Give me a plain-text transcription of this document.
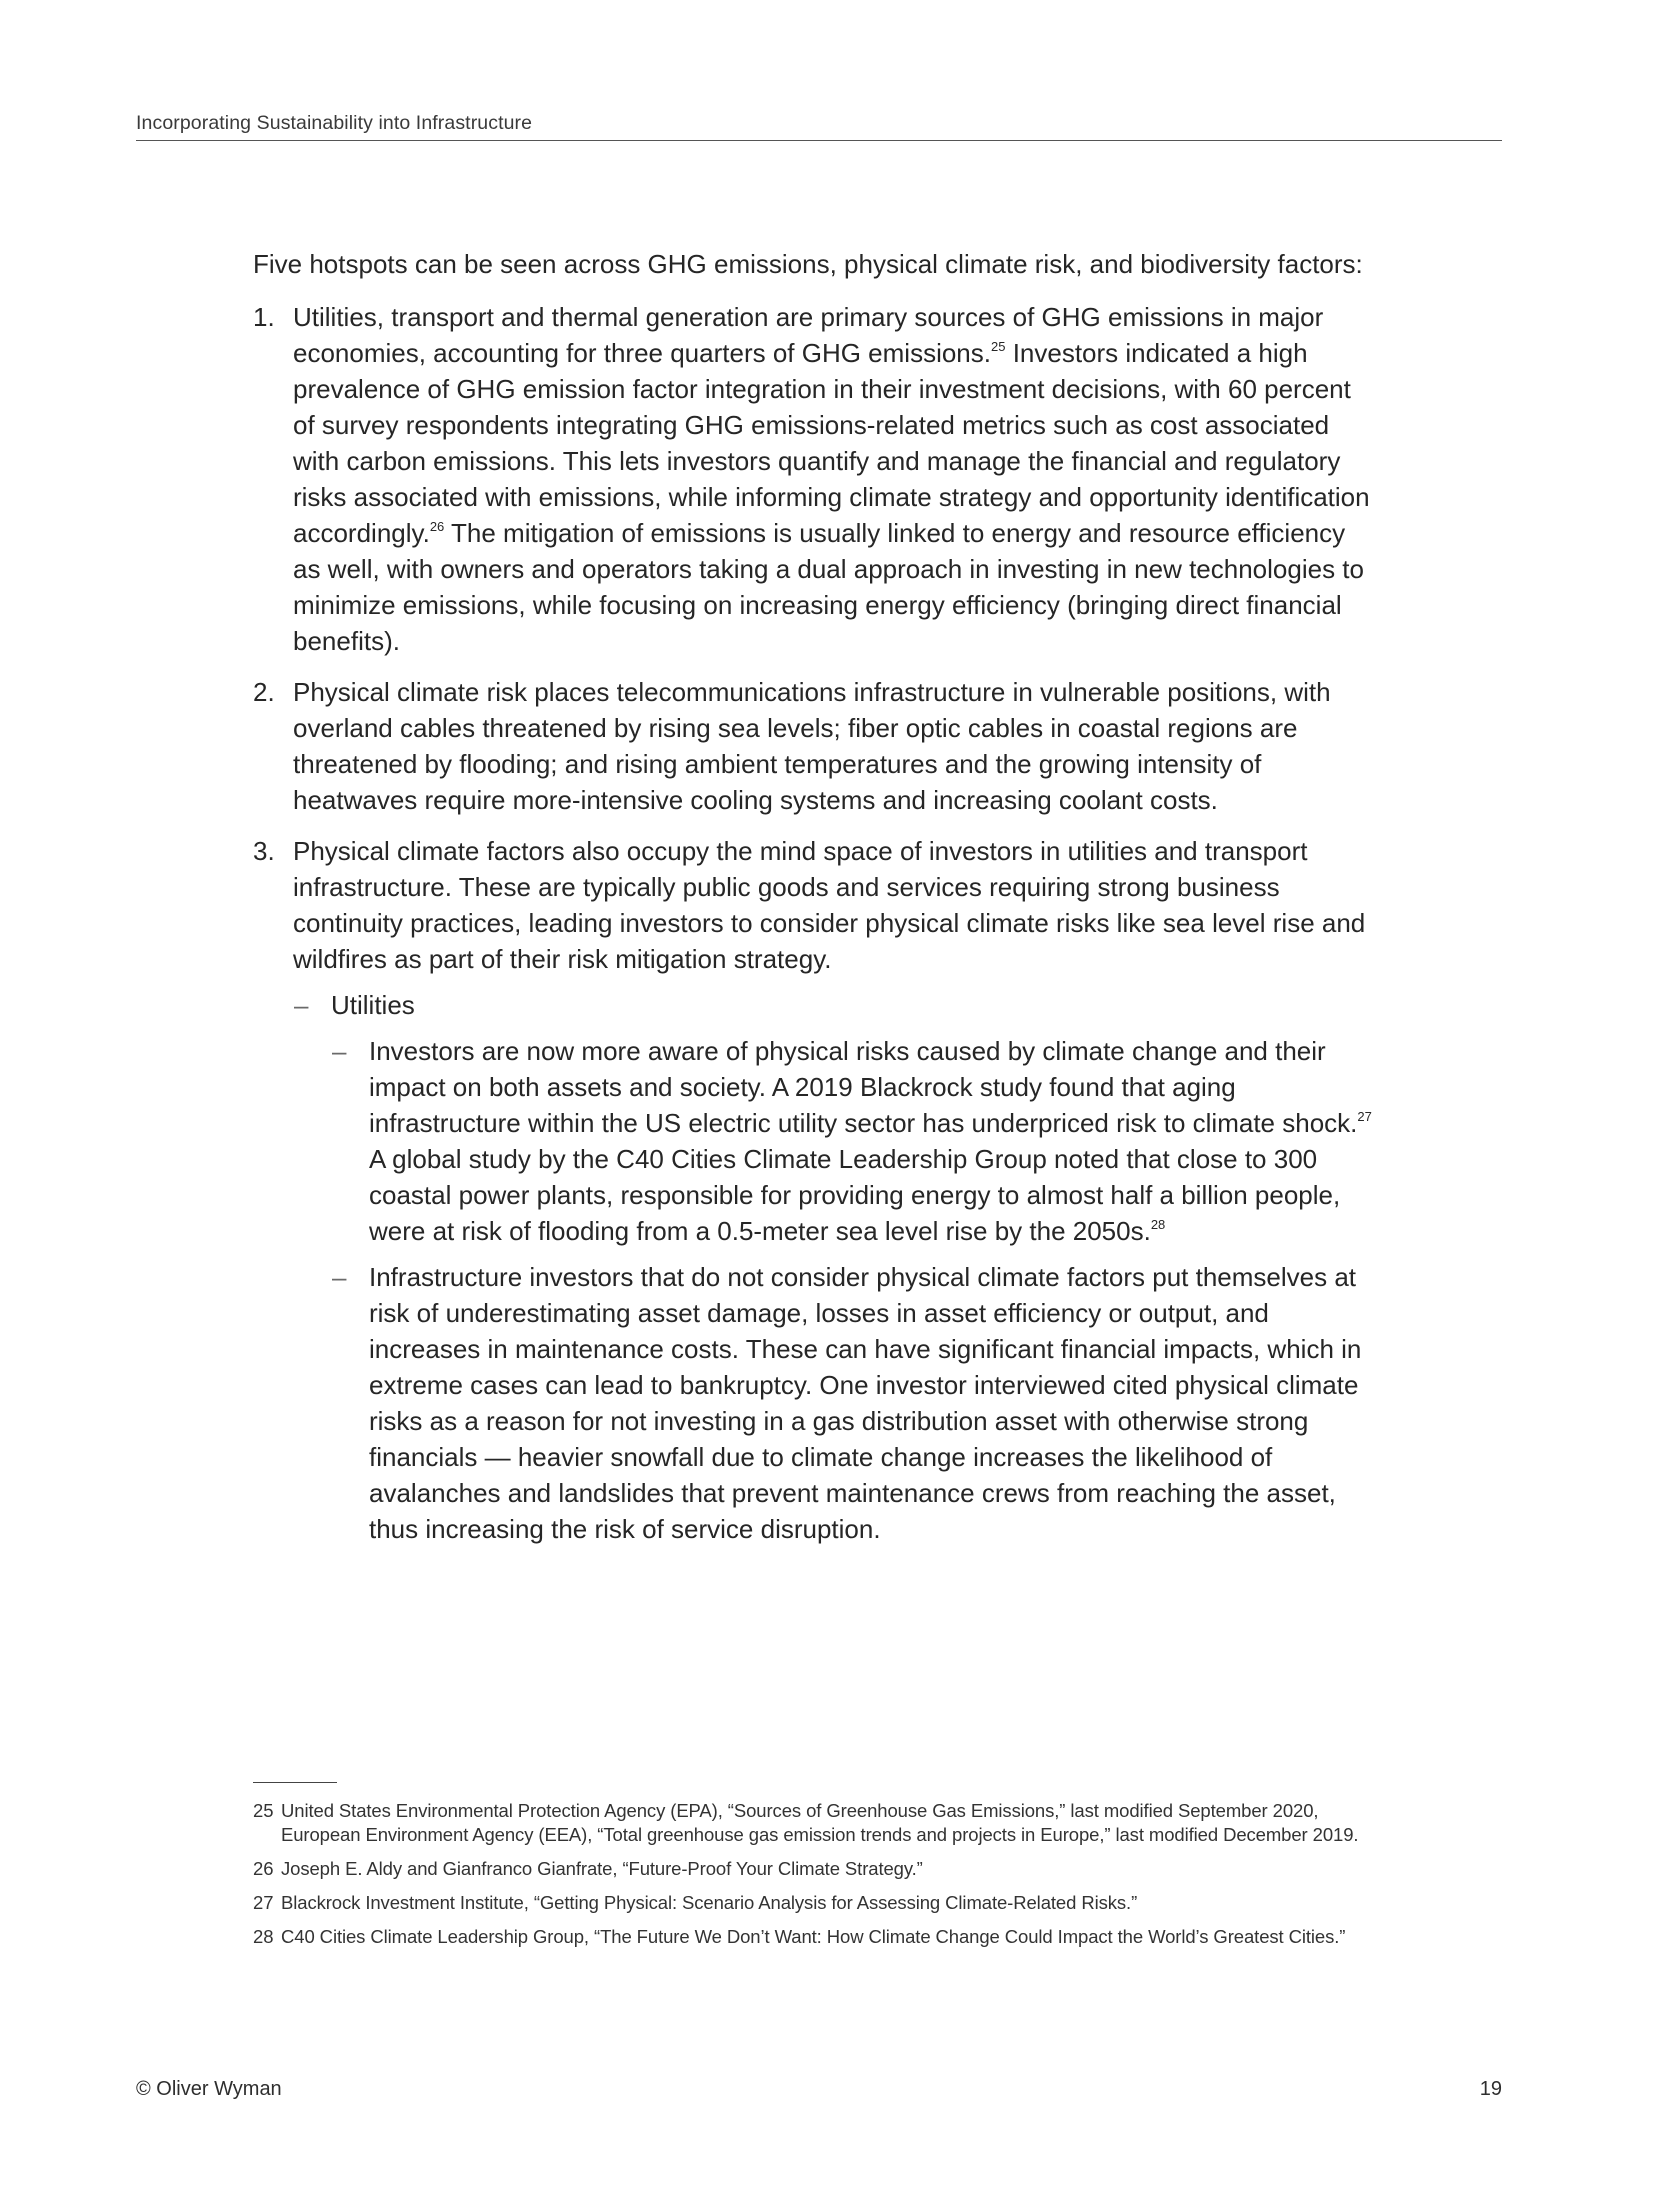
Incorporating Sustainability into Infrastructure

Five hotspots can be seen across GHG emissions, physical climate risk, and biodiversity factors:

1. Utilities, transport and thermal generation are primary sources of GHG emissions in major economies, accounting for three quarters of GHG emissions.$^{25}$ Investors indicated a high prevalence of GHG emission factor integration in their investment decisions, with 60 percent of survey respondents integrating GHG emissions-related metrics such as cost associated with carbon emissions. This lets investors quantify and manage the financial and regulatory risks associated with emissions, while informing climate strategy and opportunity identification accordingly.$^{26}$ The mitigation of emissions is usually linked to energy and resource efficiency as well, with owners and operators taking a dual approach in investing in new technologies to minimize emissions, while focusing on increasing energy efficiency (bringing direct financial benefits).
2. Physical climate risk places telecommunications infrastructure in vulnerable positions, with overland cables threatened by rising sea levels; fiber optic cables in coastal regions are threatened by flooding; and rising ambient temperatures and the growing intensity of heatwaves require more-intensive cooling systems and increasing coolant costs.
3. Physical climate factors also occupy the mind space of investors in utilities and transport infrastructure. These are typically public goods and services requiring strong business continuity practices, leading investors to consider physical climate risks like sea level rise and wildfires as part of their risk mitigation strategy.
– Utilities
– Investors are now more aware of physical risks caused by climate change and their impact on both assets and society. A 2019 Blackrock study found that aging infrastructure within the US electric utility sector has underpriced risk to climate shock.$^{27}$ A global study by the C40 Cities Climate Leadership Group noted that close to 300 coastal power plants, responsible for providing energy to almost half a billion people, were at risk of flooding from a 0.5-meter sea level rise by the 2050s.$^{28}$
– Infrastructure investors that do not consider physical climate factors put themselves at risk of underestimating asset damage, losses in asset efficiency or output, and increases in maintenance costs. These can have significant financial impacts, which in extreme cases can lead to bankruptcy. One investor interviewed cited physical climate risks as a reason for not investing in a gas distribution asset with otherwise strong financials — heavier snowfall due to climate change increases the likelihood of avalanches and landslides that prevent maintenance crews from reaching the asset, thus increasing the risk of service disruption.
25 United States Environmental Protection Agency (EPA), “Sources of Greenhouse Gas Emissions,” last modified September 2020, European Environment Agency (EEA), “Total greenhouse gas emission trends and projects in Europe,” last modified December 2019.
26 Joseph E. Aldy and Gianfranco Gianfrate, “Future-Proof Your Climate Strategy.”
27 Blackrock Investment Institute, “Getting Physical: Scenario Analysis for Assessing Climate-Related Risks.”
28 C40 Cities Climate Leadership Group, “The Future We Don’t Want: How Climate Change Could Impact the World’s Greatest Cities.”
© Oliver Wyman	19
